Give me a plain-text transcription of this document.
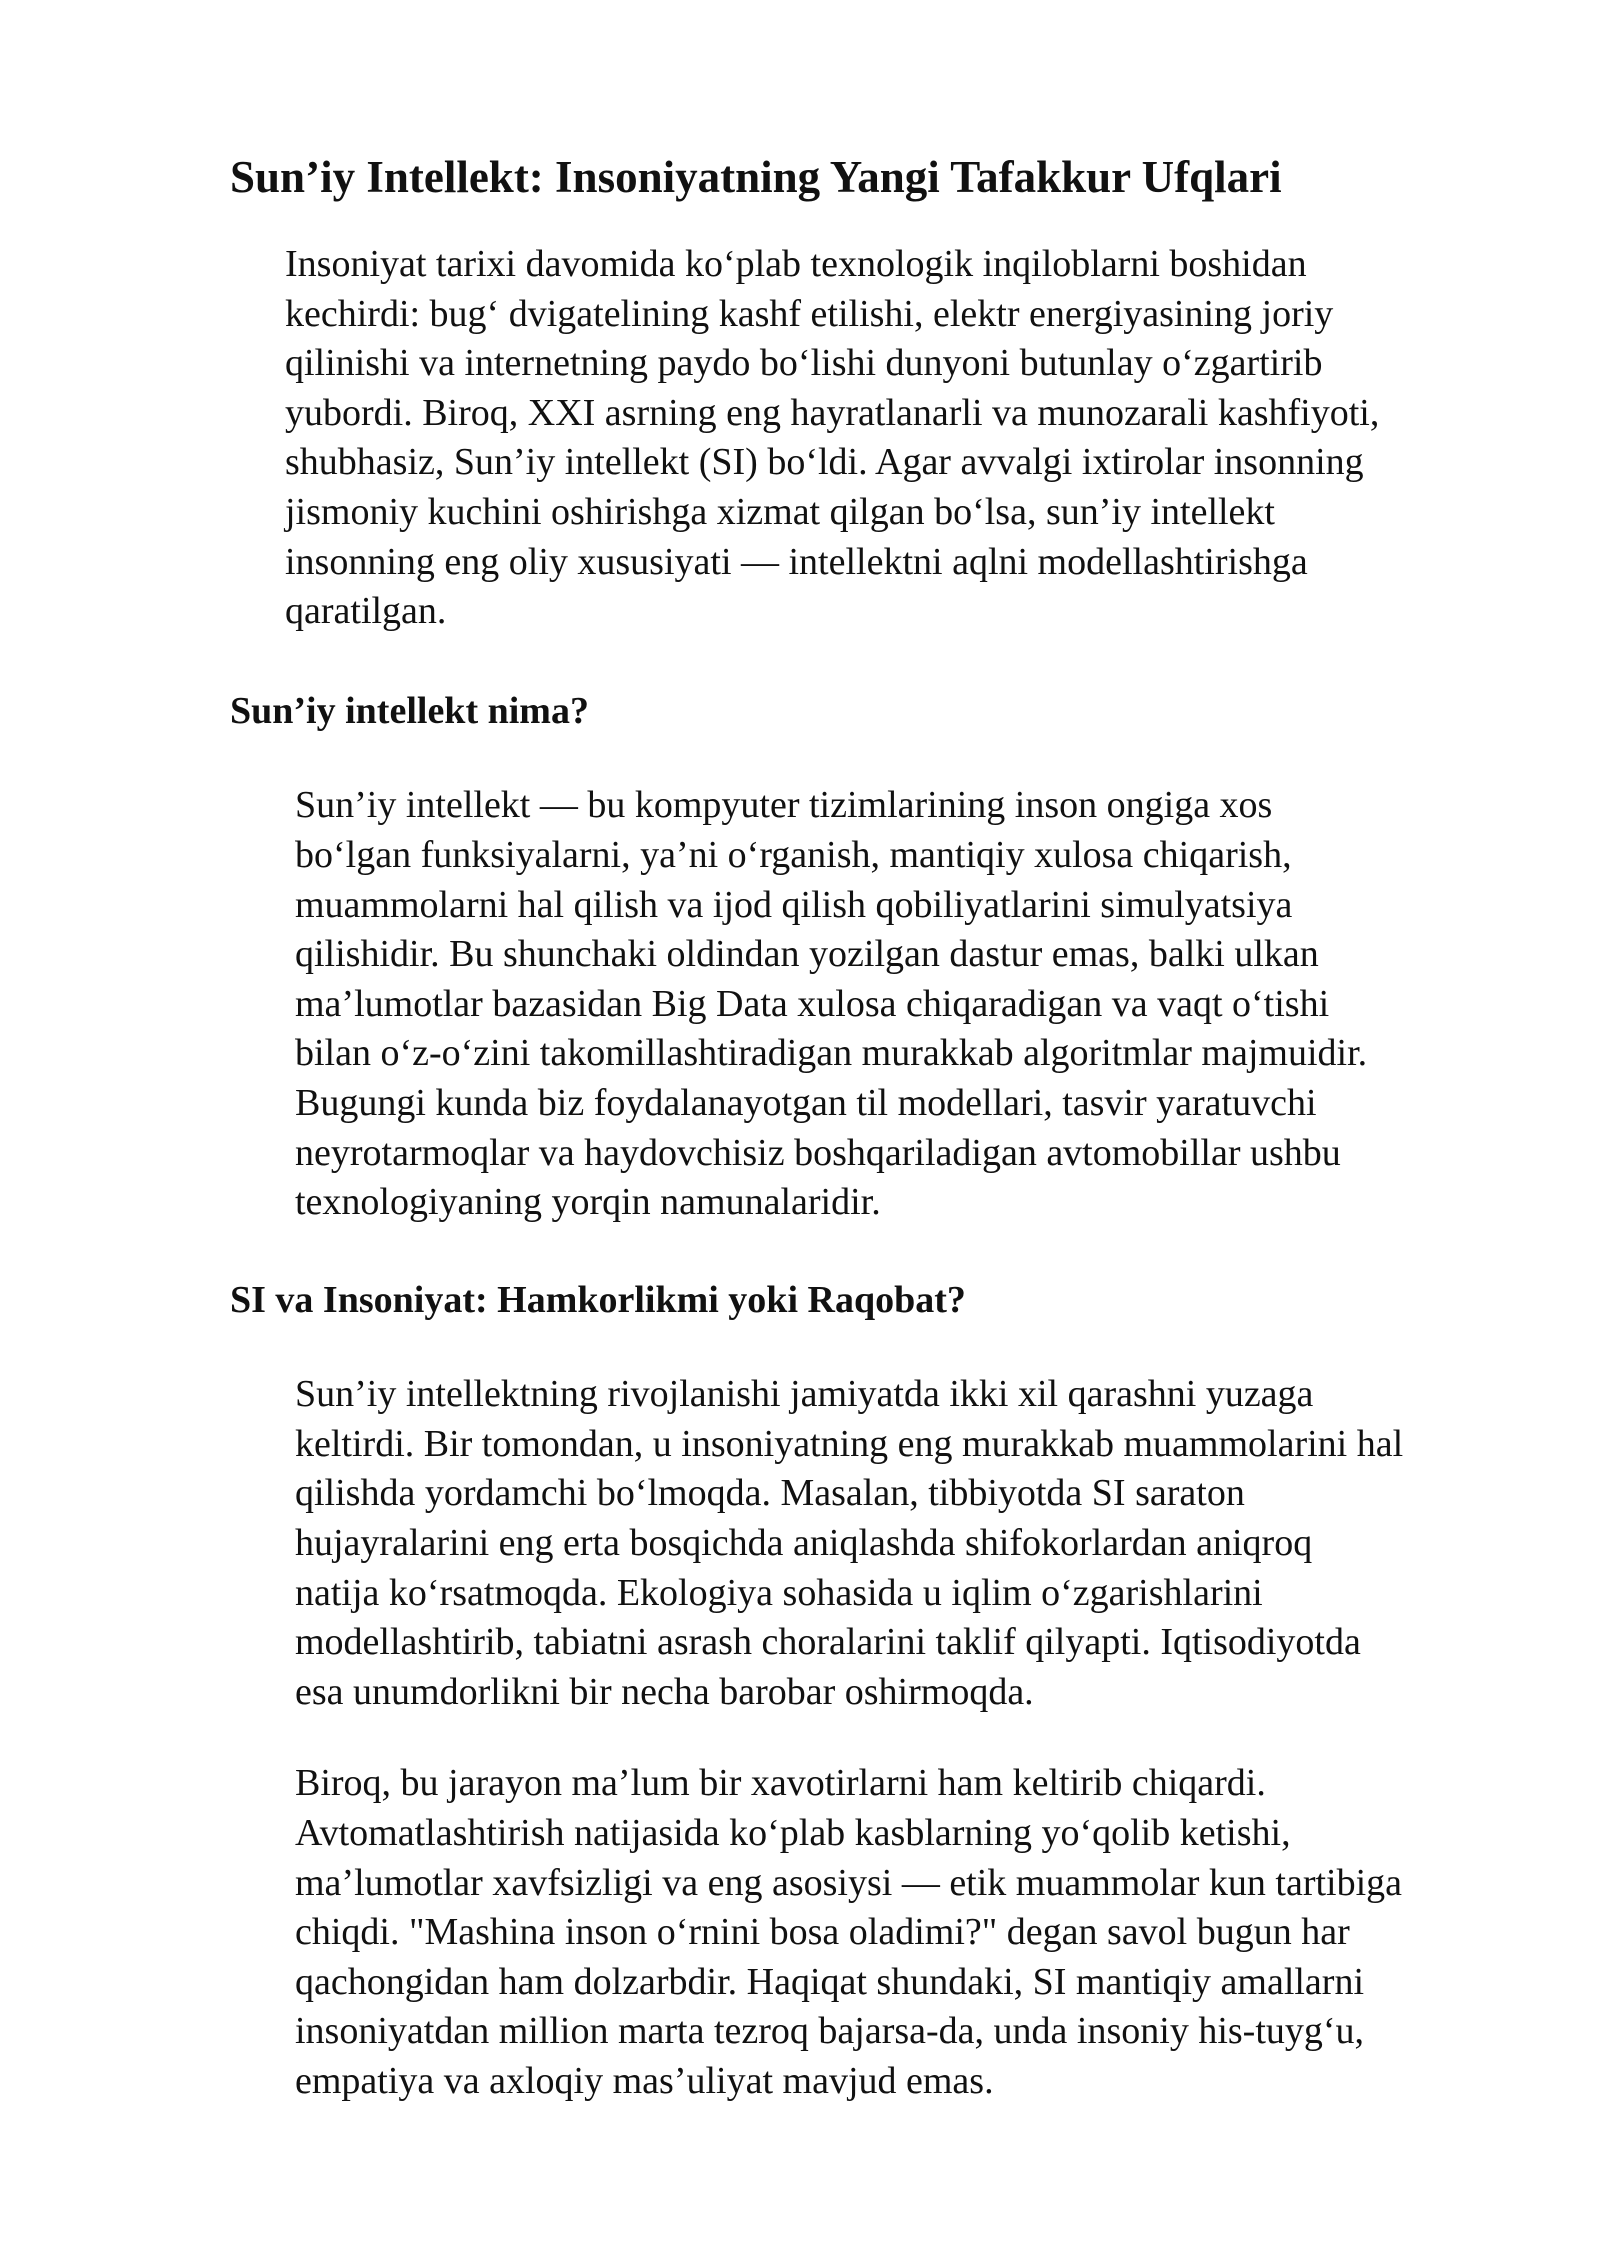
Sun’iy Intellekt: Insoniyatning Yangi Tafakkur Ufqlari

Insoniyat tarixi davomida ko‘plab texnologik inqiloblarni boshidan
kechirdi: bug‘ dvigatelining kashf etilishi, elektr energiyasining joriy
qilinishi va internetning paydo bo‘lishi dunyoni butunlay o‘zgartirib
yubordi. Biroq, XXI asrning eng hayratlanarli va munozarali kashfiyoti,
shubhasiz, Sun’iy intellekt (SI) bo‘ldi. Agar avvalgi ixtirolar insonning
jismoniy kuchini oshirishga xizmat qilgan bo‘lsa, sun’iy intellekt
insonning eng oliy xususiyati — intellektni aqlni modellashtirishga
qaratilgan.

Sun’iy intellekt nima?

Sun’iy intellekt — bu kompyuter tizimlarining inson ongiga xos
bo‘lgan funksiyalarni, ya’ni o‘rganish, mantiqiy xulosa chiqarish,
muammolarni hal qilish va ijod qilish qobiliyatlarini simulyatsiya
qilishidir. Bu shunchaki oldindan yozilgan dastur emas, balki ulkan
ma’lumotlar bazasidan Big Data xulosa chiqaradigan va vaqt o‘tishi
bilan o‘z-o‘zini takomillashtiradigan murakkab algoritmlar majmuidir.
Bugungi kunda biz foydalanayotgan til modellari, tasvir yaratuvchi
neyrotarmoqlar va haydovchisiz boshqariladigan avtomobillar ushbu
texnologiyaning yorqin namunalaridir.

SI va Insoniyat: Hamkorlikmi yoki Raqobat?

Sun’iy intellektning rivojlanishi jamiyatda ikki xil qarashni yuzaga
keltirdi. Bir tomondan, u insoniyatning eng murakkab muammolarini hal
qilishda yordamchi bo‘lmoqda. Masalan, tibbiyotda SI saraton
hujayralarini eng erta bosqichda aniqlashda shifokorlardan aniqroq
natija ko‘rsatmoqda. Ekologiya sohasida u iqlim o‘zgarishlarini
modellashtirib, tabiatni asrash choralarini taklif qilyapti. Iqtisodiyotda
esa unumdorlikni bir necha barobar oshirmoqda.

Biroq, bu jarayon ma’lum bir xavotirlarni ham keltirib chiqardi.
Avtomatlashtirish natijasida ko‘plab kasblarning yo‘qolib ketishi,
ma’lumotlar xavfsizligi va eng asosiysi — etik muammolar kun tartibiga
chiqdi. "Mashina inson o‘rnini bosa oladimi?" degan savol bugun har
qachongidan ham dolzarbdir. Haqiqat shundaki, SI mantiqiy amallarni
insoniyatdan million marta tezroq bajarsa-da, unda insoniy his-tuyg‘u,
empatiya va axloqiy mas’uliyat mavjud emas.
